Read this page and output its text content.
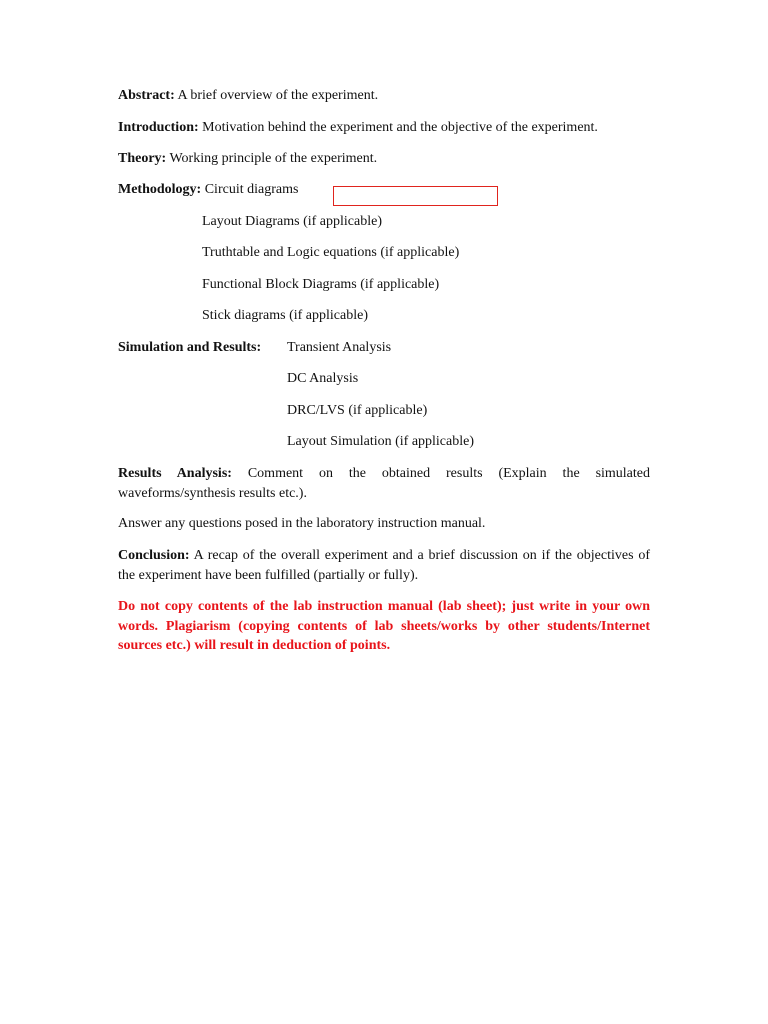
Abstract: A brief overview of the experiment.
Introduction: Motivation behind the experiment and the objective of the experiment.
Theory: Working principle of the experiment.
Methodology: Circuit diagrams
Layout Diagrams (if applicable)
Truthtable and Logic equations (if applicable)
Functional Block Diagrams (if applicable)
Stick diagrams (if applicable)
Simulation and Results: Transient Analysis
DC Analysis
DRC/LVS (if applicable)
Layout Simulation (if applicable)
Results Analysis: Comment on the obtained results (Explain the simulated waveforms/synthesis results etc.).
Answer any questions posed in the laboratory instruction manual.
Conclusion: A recap of the overall experiment and a brief discussion on if the objectives of the experiment have been fulfilled (partially or fully).
Do not copy contents of the lab instruction manual (lab sheet); just write in your own words. Plagiarism (copying contents of lab sheets/works by other students/Internet sources etc.) will result in deduction of points.
